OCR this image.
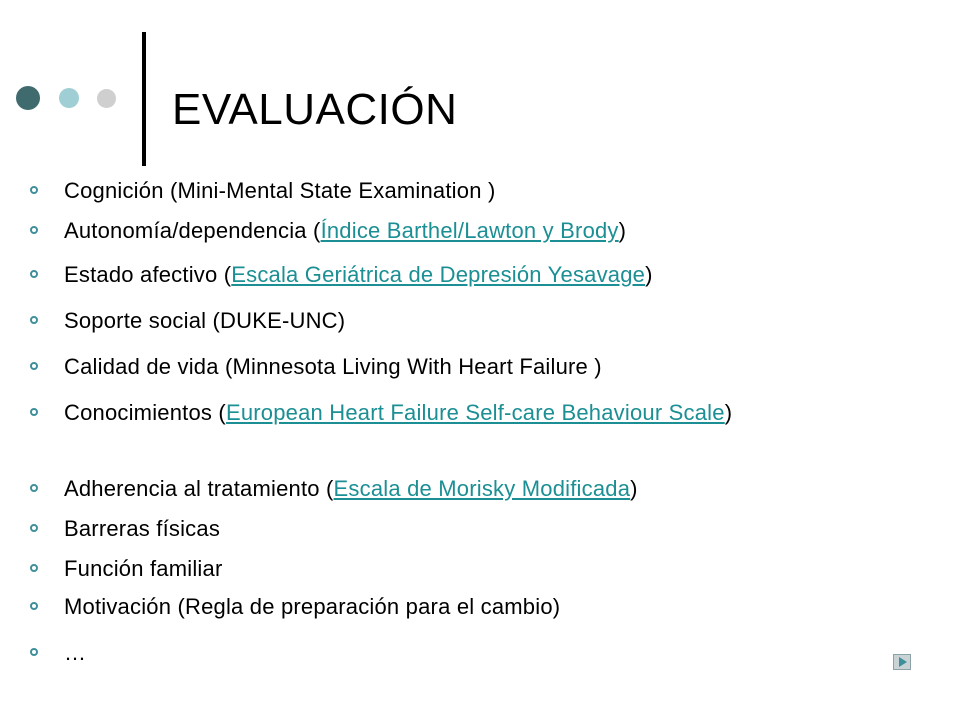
EVALUACIÓN
Cognición (Mini-Mental State Examination )
Autonomía/dependencia (Índice Barthel/Lawton y Brody)
Estado afectivo (Escala Geriátrica de Depresión Yesavage)
Soporte social (DUKE-UNC)
Calidad de vida (Minnesota Living With Heart Failure )
Conocimientos (European Heart Failure Self-care Behaviour Scale)
Adherencia al tratamiento (Escala de Morisky Modificada)
Barreras físicas
Función familiar
Motivación (Regla de preparación para el cambio)
…
